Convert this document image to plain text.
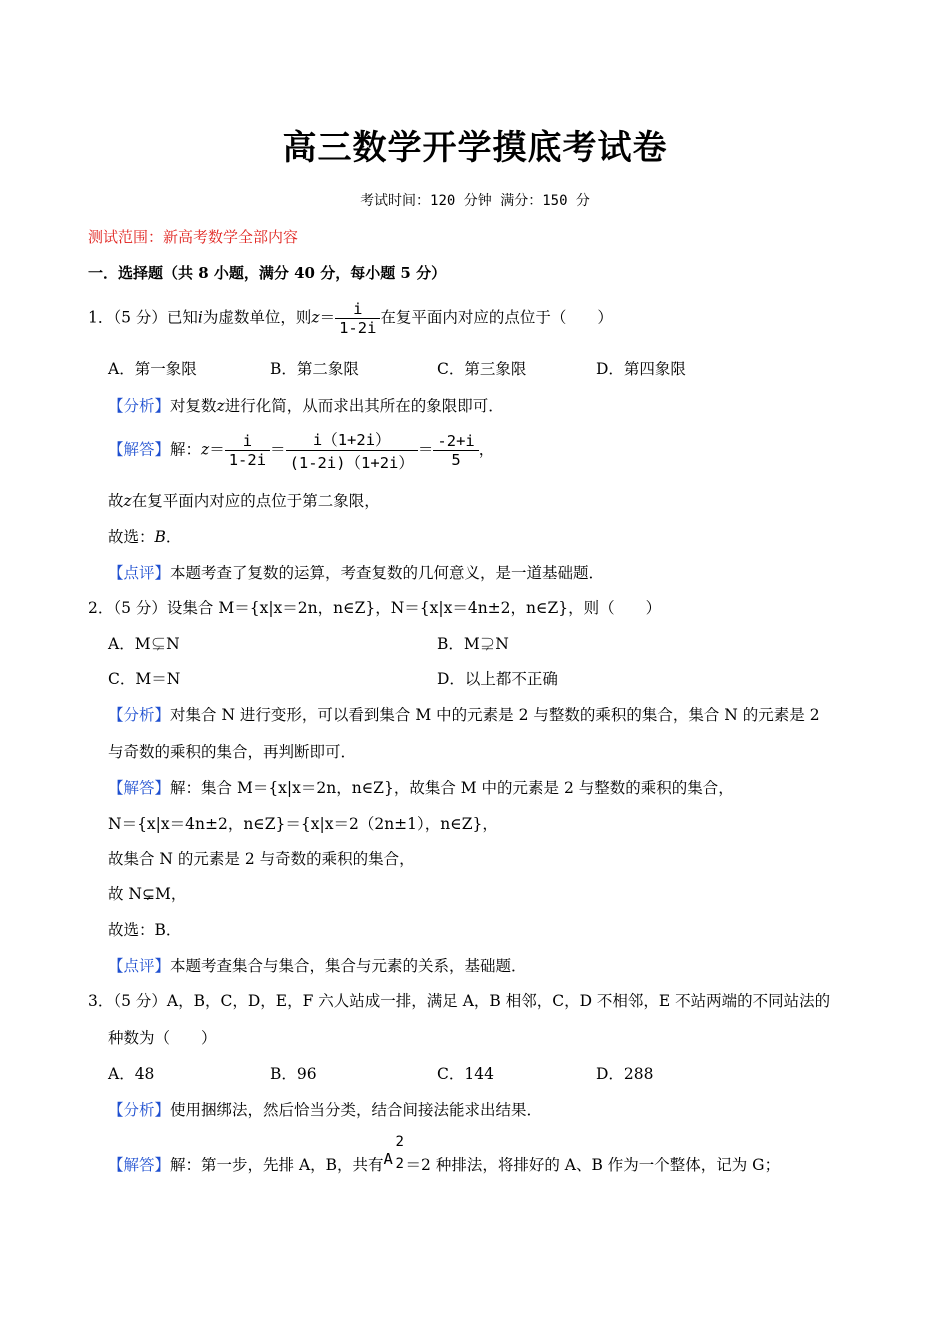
高三数学开学摸底考试卷
考试时间：120 分钟 满分：150 分
测试范围：新高考数学全部内容
一．选择题（共 8 小题，满分 40 分，每小题 5 分）
1．（5 分）已知i为虚数单位，则$z= \frac{i}{1-2i}$ 在复平面内对应的点位于（　　）
A．第一象限	B．第二象限	C．第三象限	D．第四象限
【分析】对复数z进行化简，从而求出其所在的象限即可．
【解答】解：$z= \frac{i}{1-2i} = \frac{i(1+2i)}{(1-2i)(1+2i)} = \frac{-2+i}{5}$ ，
故z在复平面内对应的点位于第二象限，
故选：B．
【点评】本题考查了复数的运算，考查复数的几何意义，是一道基础题．
2．（5 分）设集合 M＝{x|x＝2n，n∈Z}，N＝{x|x＝4n±2，n∈Z}，则（　　）
A．M⊊N	B．M⊋N
C．M＝N	D．以上都不正确
【分析】对集合 N 进行变形，可以看到集合 M 中的元素是 2 与整数的乘积的集合，集合 N 的元素是 2
与奇数的乘积的集合，再判断即可．
【解答】解：集合 M＝{x|x＝2n，n∈Z}，故集合 M 中的元素是 2 与整数的乘积的集合，
N＝{x|x＝4n±2，n∈Z}＝{x|x＝2（2n±1），n∈Z}，
故集合 N 的元素是 2 与奇数的乘积的集合，
故 N⊊M，
故选：B．
【点评】本题考查集合与集合，集合与元素的关系，基础题．
3．（5 分）A，B，C，D，E，F 六人站成一排，满足 A，B 相邻，C，D 不相邻，E 不站两端的不同站法的
种数为（　　）
A．48	B．96	C．144	D．288
【分析】使用捆绑法，然后恰当分类，结合间接法能求出结果．
【解答】解：第一步，先排 A，B，共有 A
2
2 ＝2 种排法，将排好的 A、B 作为一个整体，记为 G；
